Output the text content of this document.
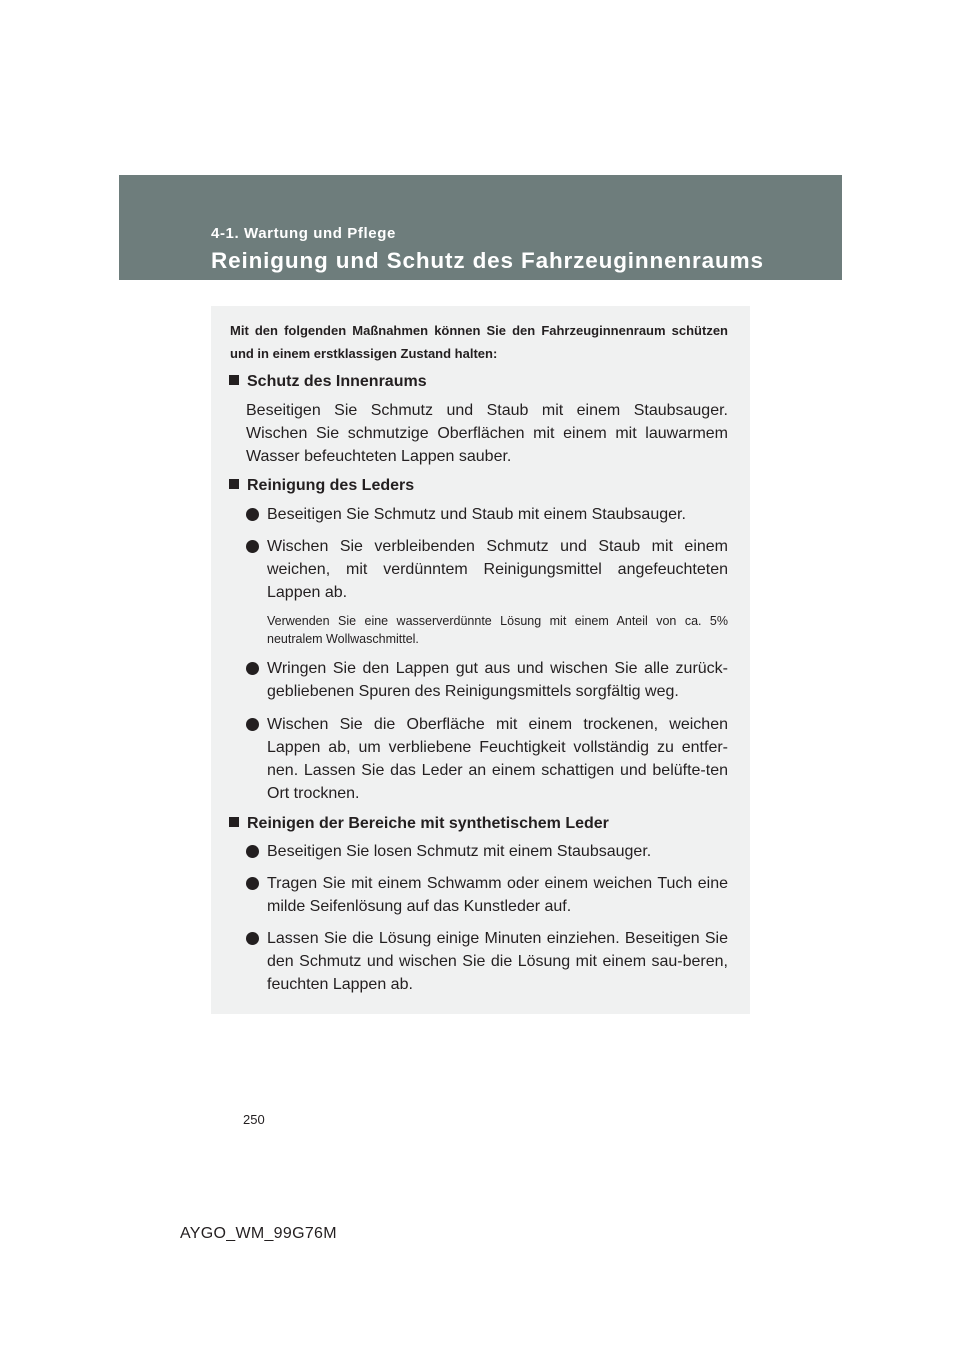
4-1. Wartung und Pflege
Reinigung und Schutz des Fahrzeuginnenraums
Mit den folgenden Maßnahmen können Sie den Fahrzeuginnenraum schützen und in einem erstklassigen Zustand halten:
Schutz des Innenraums
Beseitigen Sie Schmutz und Staub mit einem Staubsauger. Wischen Sie schmutzige Oberflächen mit einem mit lauwarmem Wasser befeuchteten Lappen sauber.
Reinigung des Leders
Beseitigen Sie Schmutz und Staub mit einem Staubsauger.
Wischen Sie verbleibenden Schmutz und Staub mit einem weichen, mit verdünntem Reinigungsmittel angefeuchteten Lappen ab.
Verwenden Sie eine wasserverdünnte Lösung mit einem Anteil von ca. 5% neutralem Wollwaschmittel.
Wringen Sie den Lappen gut aus und wischen Sie alle zurück-gebliebenen Spuren des Reinigungsmittels sorgfältig weg.
Wischen Sie die Oberfläche mit einem trockenen, weichen Lappen ab, um verbliebene Feuchtigkeit vollständig zu entfer-nen. Lassen Sie das Leder an einem schattigen und belüfte-ten Ort trocknen.
Reinigen der Bereiche mit synthetischem Leder
Beseitigen Sie losen Schmutz mit einem Staubsauger.
Tragen Sie mit einem Schwamm oder einem weichen Tuch eine milde Seifenlösung auf das Kunstleder auf.
Lassen Sie die Lösung einige Minuten einziehen. Beseitigen Sie den Schmutz und wischen Sie die Lösung mit einem sau-beren, feuchten Lappen ab.
250
AYGO_WM_99G76M
